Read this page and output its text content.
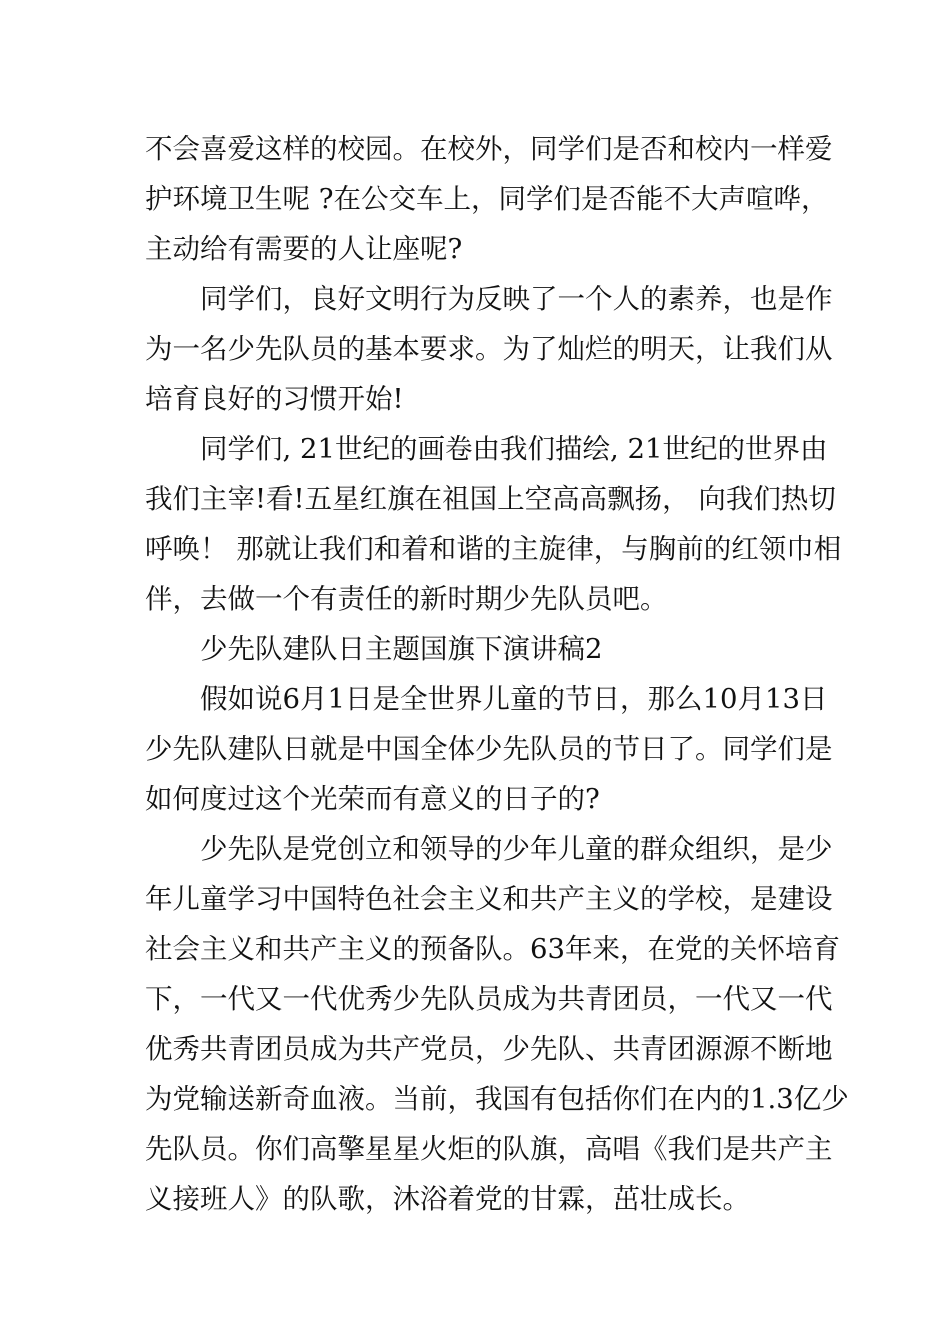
不会喜爱这样的校园。在校外，同学们是否和校内一样爱
护环境卫生呢 ?在公交车上，同学们是否能不大声喧哗，
主动给有需要的人让座呢?
同学们，良好文明行为反映了一个人的素养，也是作
为一名少先队员的基本要求。为了灿烂的明天，让我们从
培育良好的习惯开始!
同学们, 21世纪的画卷由我们描绘, 21世纪的世界由
我们主宰!看!五星红旗在祖国上空高高飘扬， 向我们热切
呼唤！ 那就让我们和着和谐的主旋律，与胸前的红领巾相
伴，去做一个有责任的新时期少先队员吧。
少先队建队日主题国旗下演讲稿2
假如说6月1日是全世界儿童的节日，那么10月13日
少先队建队日就是中国全体少先队员的节日了。同学们是
如何度过这个光荣而有意义的日子的?
少先队是党创立和领导的少年儿童的群众组织，是少
年儿童学习中国特色社会主义和共产主义的学校，是建设
社会主义和共产主义的预备队。63年来，在党的关怀培育
下，一代又一代优秀少先队员成为共青团员，一代又一代
优秀共青团员成为共产党员，少先队、共青团源源不断地
为党输送新奇血液。当前，我国有包括你们在内的1.3亿少
先队员。你们高擎星星火炬的队旗，高唱《我们是共产主
义接班人》的队歌，沐浴着党的甘霖，茁壮成长。
